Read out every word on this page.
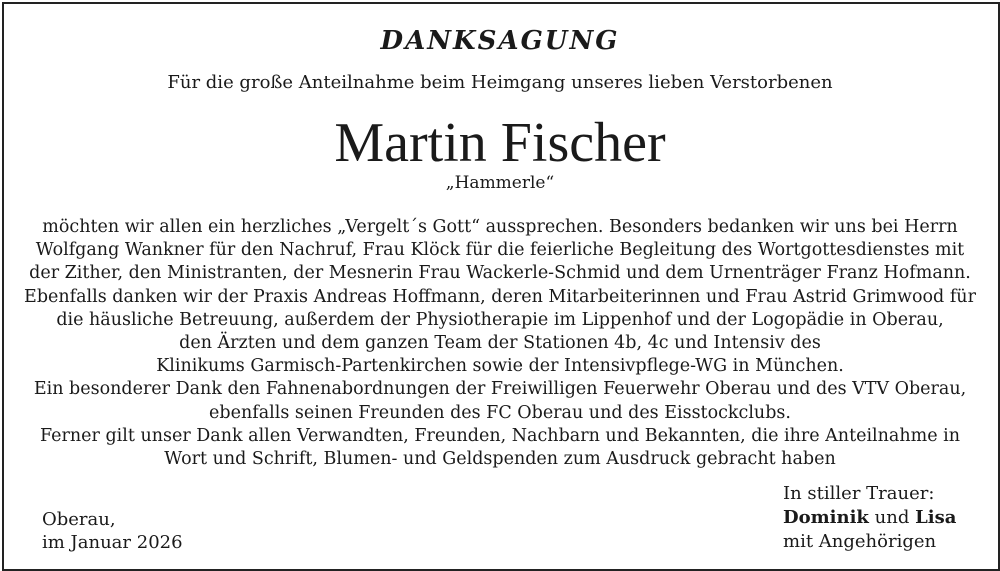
DANKSAGUNG
Für die große Anteilnahme beim Heimgang unseres lieben Verstorbenen
Martin Fischer
„Hammerle“
möchten wir allen ein herzliches „Vergelt´s Gott“ aussprechen. Besonders bedanken wir uns bei Herrn
Wolfgang Wankner für den Nachruf, Frau Klöck für die feierliche Begleitung des Wortgottesdienstes mit
der Zither, den Ministranten, der Mesnerin Frau Wackerle-Schmid und dem Urnenträger Franz Hofmann.
Ebenfalls danken wir der Praxis Andreas Hoffmann, deren Mitarbeiterinnen und Frau Astrid Grimwood für
die häusliche Betreuung, außerdem der Physiotherapie im Lippenhof und der Logopädie in Oberau,
den Ärzten und dem ganzen Team der Stationen 4b, 4c und Intensiv des
Klinikums Garmisch-Partenkirchen sowie der Intensivpflege-WG in München.
Ein besonderer Dank den Fahnenabordnungen der Freiwilligen Feuerwehr Oberau und des VTV Oberau,
ebenfalls seinen Freunden des FC Oberau und des Eisstockclubs.
Ferner gilt unser Dank allen Verwandten, Freunden, Nachbarn und Bekannten, die ihre Anteilnahme in
Wort und Schrift, Blumen- und Geldspenden zum Ausdruck gebracht haben
Oberau,
im Januar 2026
In stiller Trauer:
Dominik und Lisa
mit Angehörigen
